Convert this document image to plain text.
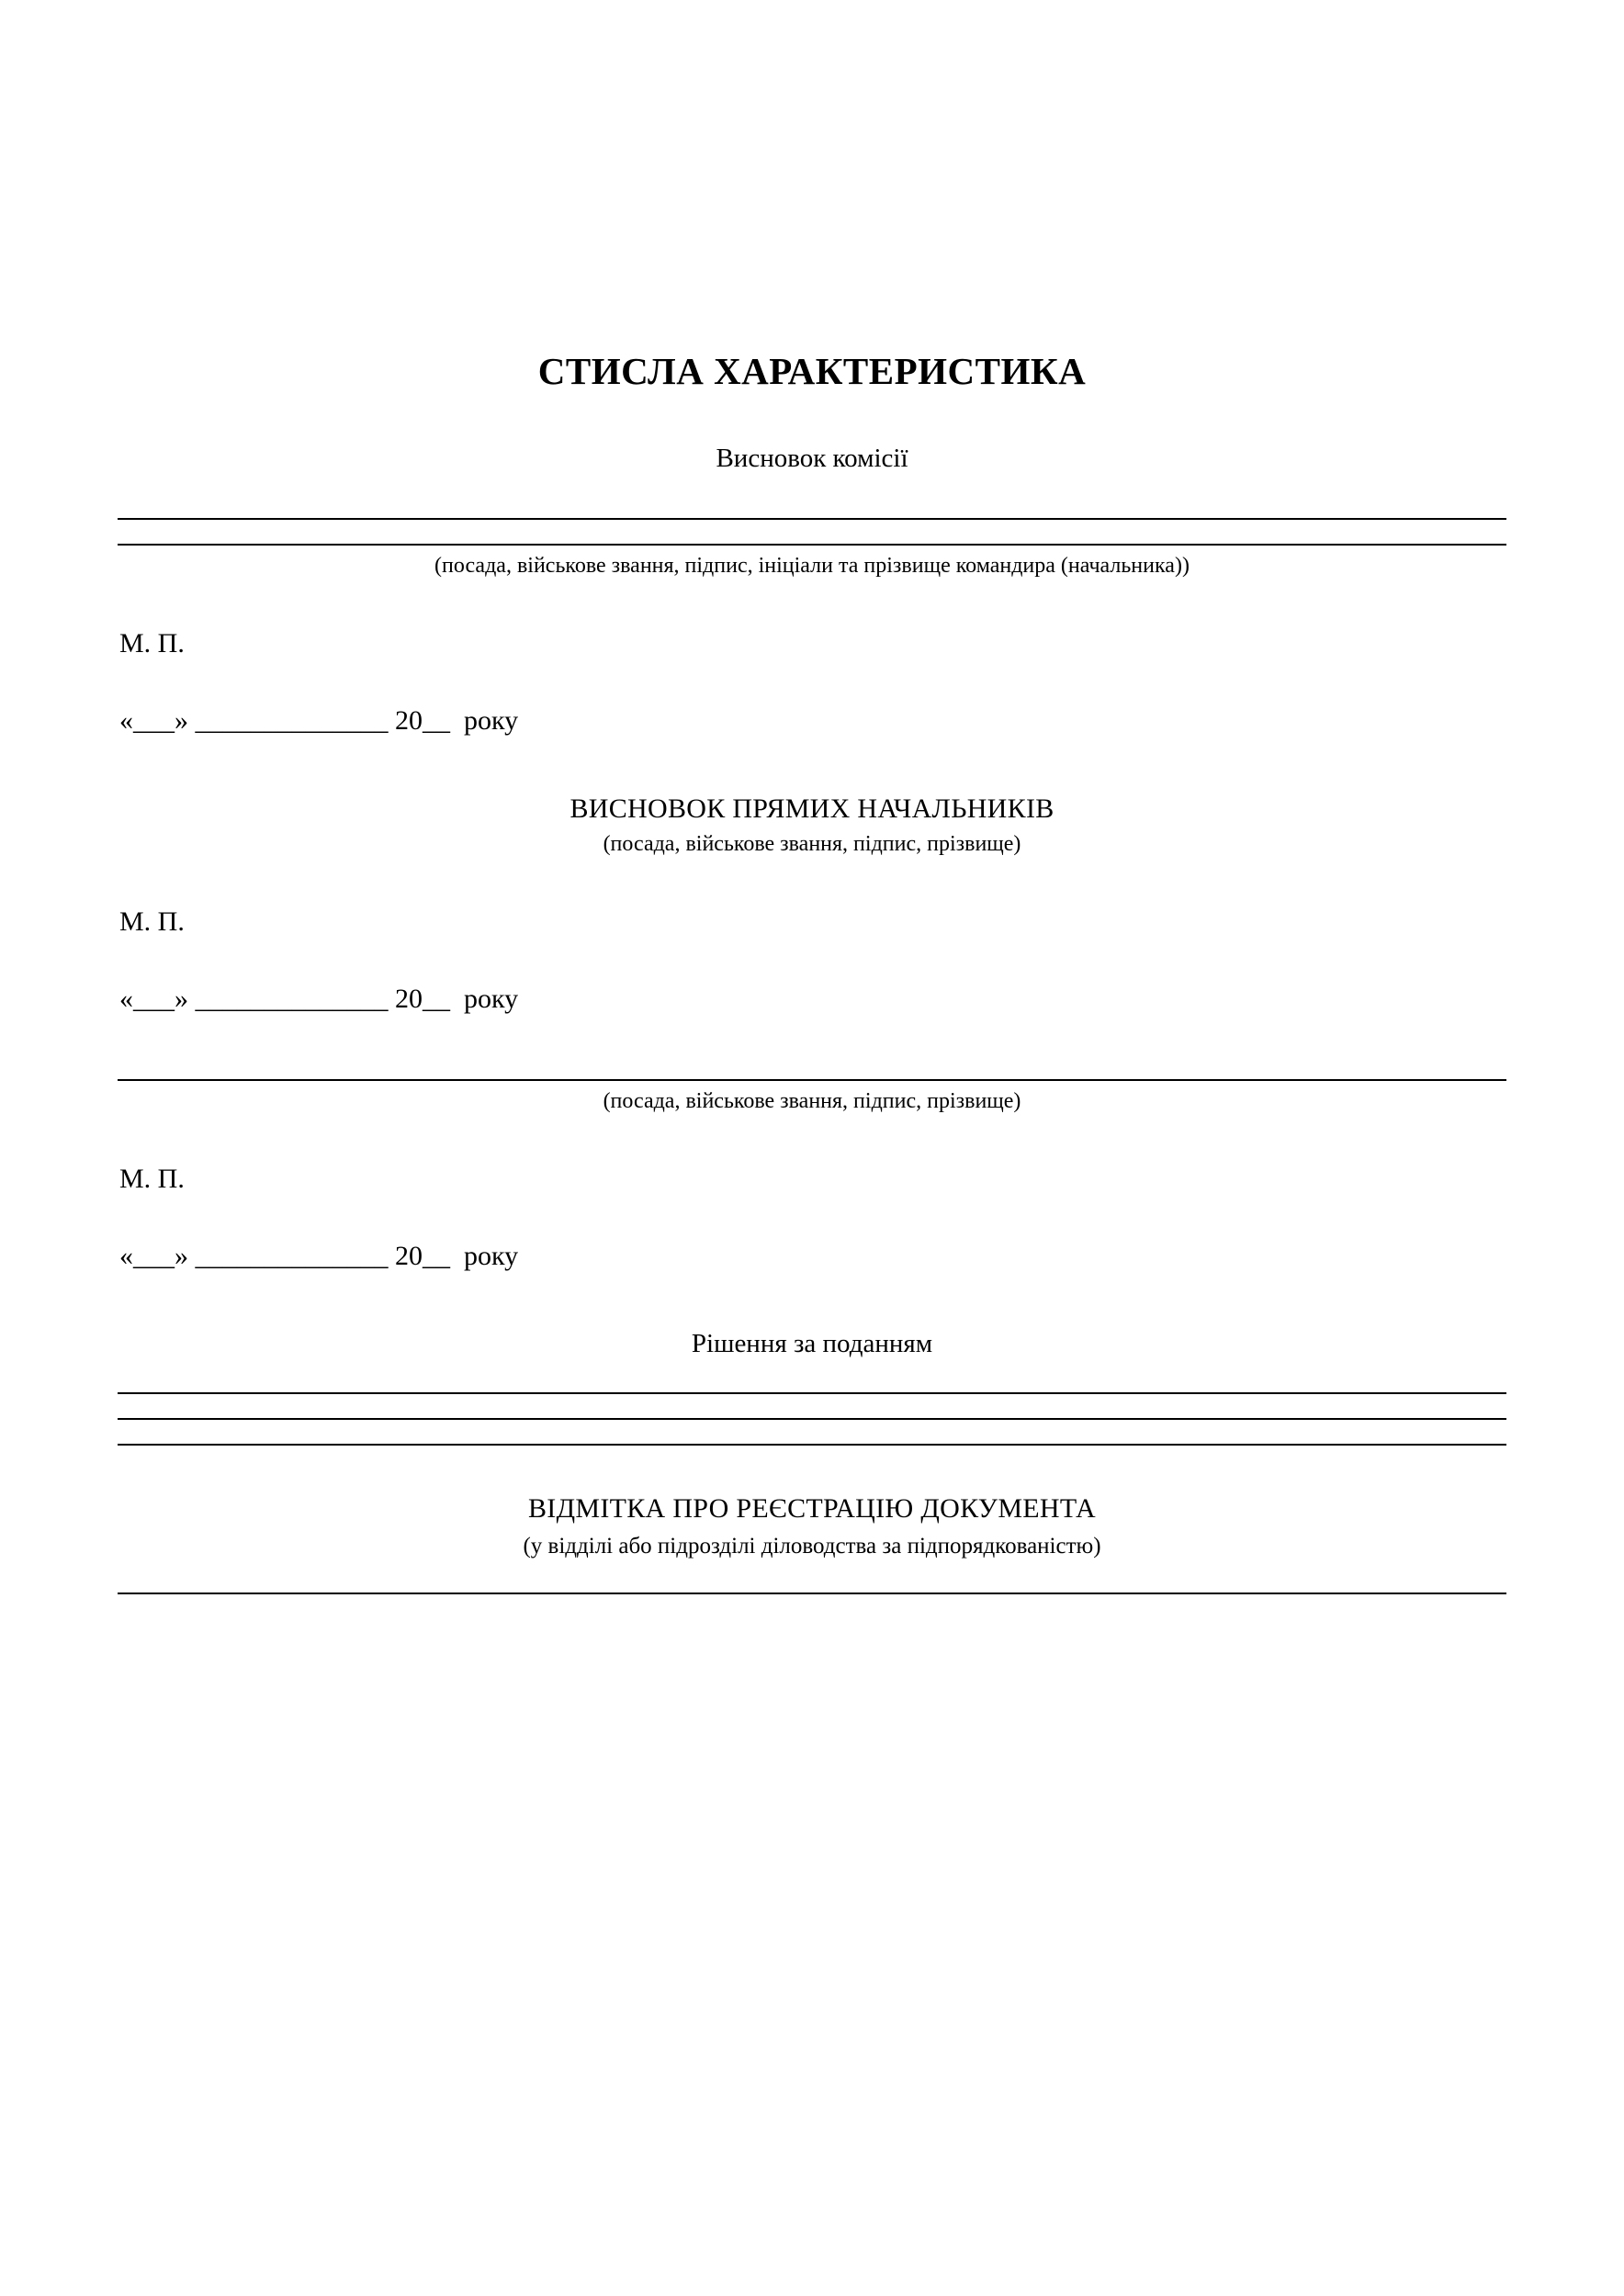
СТИСЛА ХАРАКТЕРИСТИКА
Висновок комісії
(посада, військове звання, підпис, ініціали та прізвище командира (начальника))
М. П.
«___» ______________ 20__  року
ВИСНОВОК ПРЯМИХ НАЧАЛЬНИКІВ
(посада, військове звання, підпис, прізвище)
М. П.
«___» ______________ 20__  року
(посада, військове звання, підпис, прізвище)
М. П.
«___» ______________ 20__  року
Рішення за поданням
ВІДМІТКА ПРО РЕЄСТРАЦІЮ ДОКУМЕНТА
(у відділі або підрозділі діловодства за підпорядкованістю)
